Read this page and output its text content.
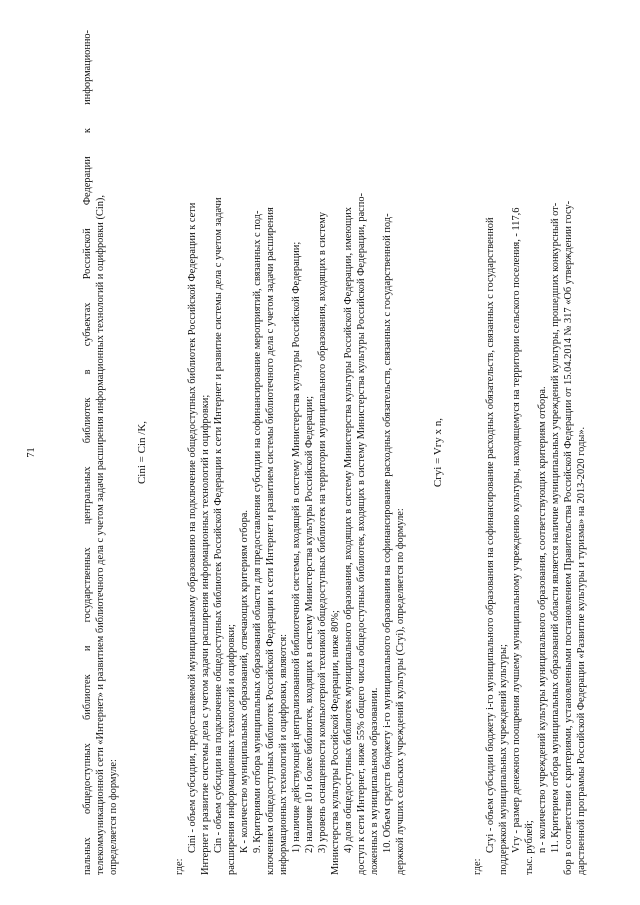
71	пальных общедоступных библиотек и государственных центральных библиотек в субъектах Российской Федерации к информационно- телекоммуникационной сети «Интернет» и развитием библиотечного дела с учетом задачи расширения информационных технологий и оцифровки (Cin), определяется по формуле:
Cini = Cin /K,
где:
Cini - объем субсидии, предоставляемой муниципальному образованию на подключение общедоступных библиотек Российской Федерации к сети Интернет и развитие системы дела с учетом задачи расширения информационных технологий и оцифровки; Cin - объем субсидии на подключение общедоступных библиотек Российской Федерации к сети Интернет и развитие системы дела с учетом задачи расширения информационных технологий и оцифровки; К - количество муниципальных образований, отвечающих критериям отбора. 9. Критериями отбора муниципальных образований области для предоставления субсидии на софинансирование мероприятий, связанных с под- ключением общедоступных библиотек Российской Федерации к сети Интернет и развитием системы библиотечного дела с учетом задачи расширения информационных технологий и оцифровки, являются: 1) наличие действующей централизованной библиотечной системы, входящей в систему Министерства культуры Российской Федерации; 2) наличие 10 и более библиотек, входящих в систему Министерства культуры Российской Федерации; 3) уровень оснащенности компьютерной техникой общедоступных библиотек на территории муниципального образования, входящих в систему Министерства культуры Российской Федерации, ниже 80%; 4) доля общедоступных библиотек муниципального образования, входящих в систему Министерства культуры Российской Федерации, имеющих доступ к сети Интернет, ниже 55% общего числа общедоступных библиотек, входящих в систему Министерства культуры Российской Федерации, распо- ложенных в муниципальном образовании. 10. Объем средств бюджету i-го муниципального образования на софинансирование расходных обязательств, связанных с государственной под- держкой лучших сельских учреждений культуры (Cгуi), определяется по формуле:
Cгуi = Vгу x n,
где:
Cгуi - объем субсидии бюджету i-го муниципального образования на софинансирование расходных обязательств, связанных с государственной поддержкой муниципальных учреждений культуры; Vгу - размер денежного поощрения лучшему муниципальному учреждению культуры, находящемуся на территории сельского поселения, - 117,6 тыс. рублей; n - количество учреждений культуры муниципального образования, соответствующих критериям отбора. 11. Критерием отбора муниципальных образований области является наличие муниципальных учреждений культуры, прошедших конкурсный от- бор в соответствии с критериями, установленными постановлением Правительства Российской Федерации от 15.04.2014 № 317 «Об утверждении госу- дарственной программы Российской Федерации «Развитие культуры и туризма» на 2013-2020 годы».
